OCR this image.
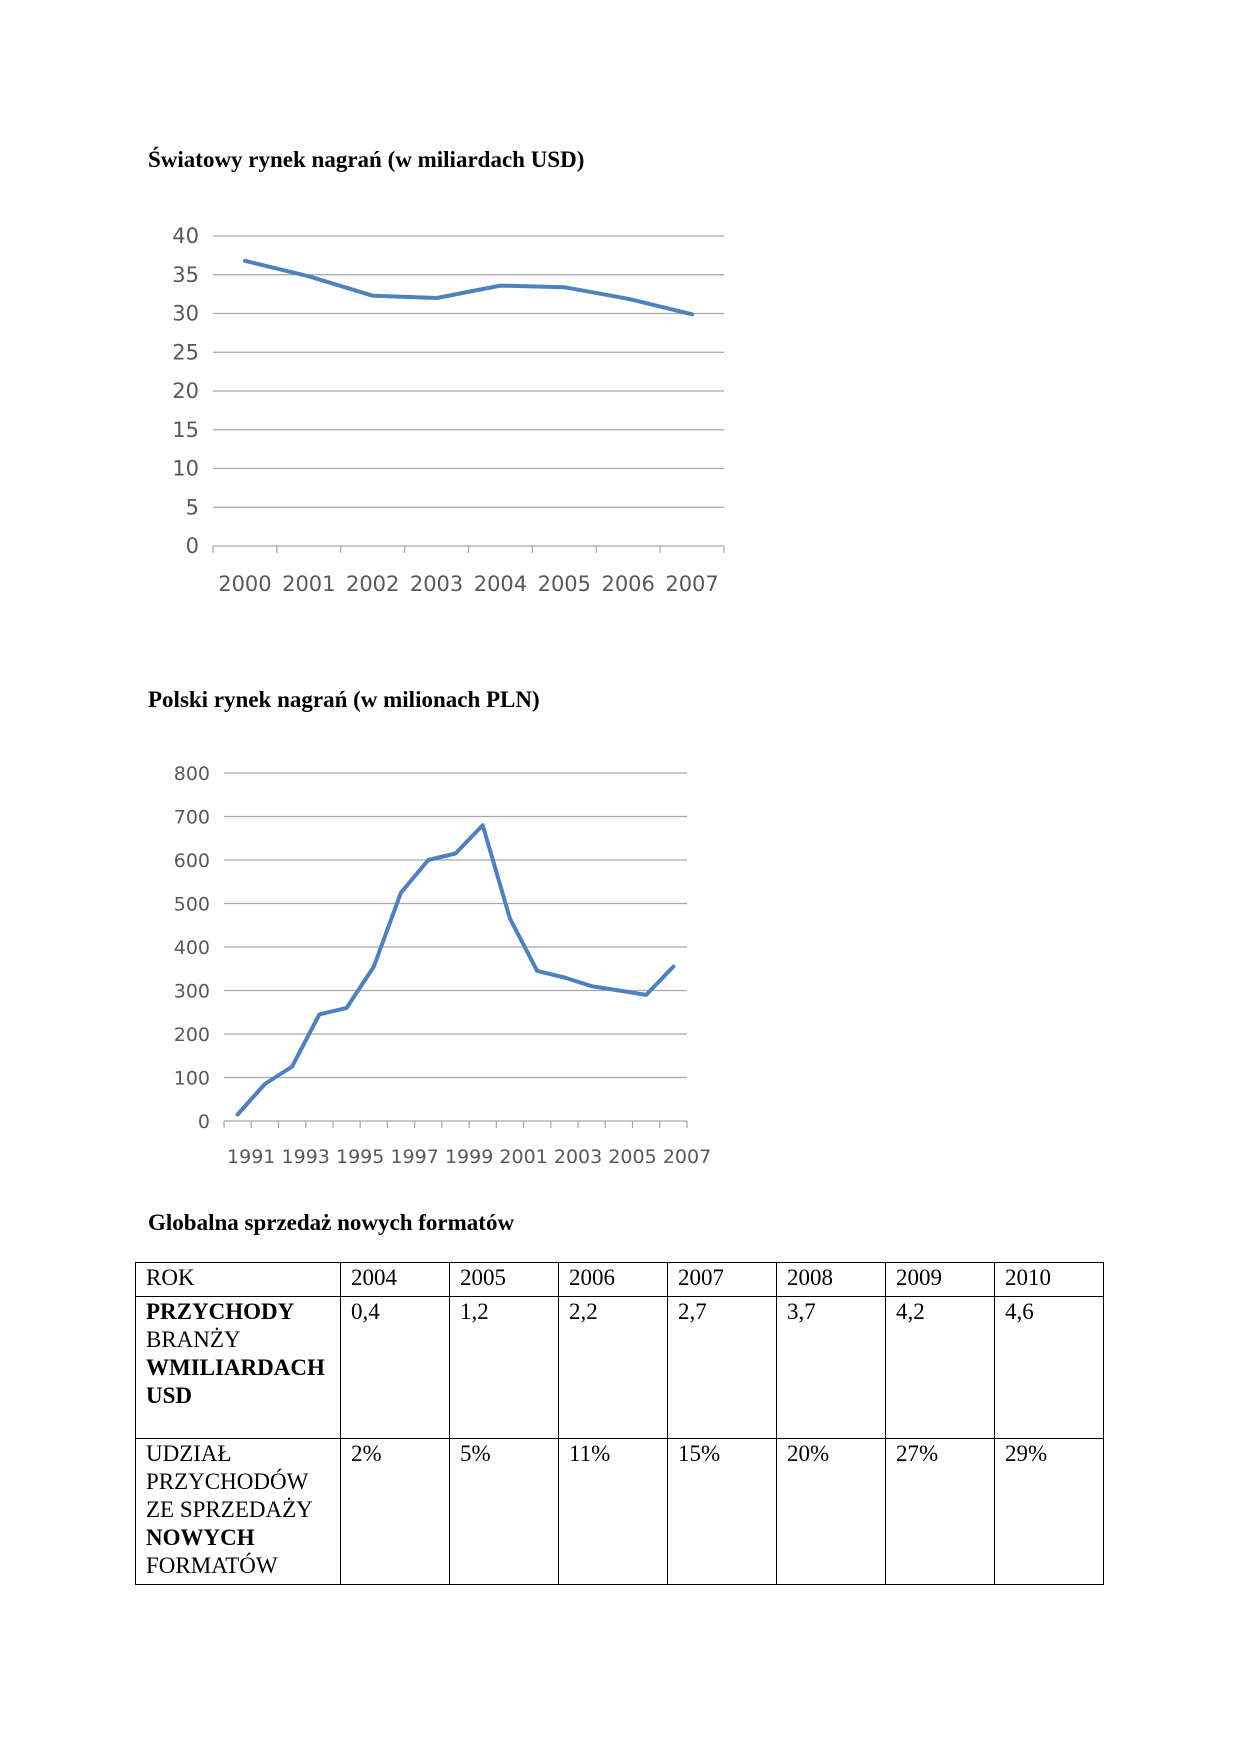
Światowy rynek nagrań (w miliardach USD)
0
5
10
15
20
25
30
35
40
2000 2001 2002 2003 2004 2005 2006 2007
Polski rynek nagrań (w milionach PLN)
0
100
200
300
400
500
600
700
800
1991 1993 1995 1997 1999 2001 2003 2005 2007
Globalna sprzedaż nowych formatów
ROK	2004	2005	2006	2007	2008	2009	2010
PRZYCHODY
BRANŻY
WMILIARDACH
USD	0,4	1,2	2,2	2,7	3,7	4,2	4,6
UDZIAŁ
PRZYCHODÓW
ZE SPRZEDAŻY
NOWYCH
FORMATÓW	2%	5%	11%	15%	20%	27%	29%
